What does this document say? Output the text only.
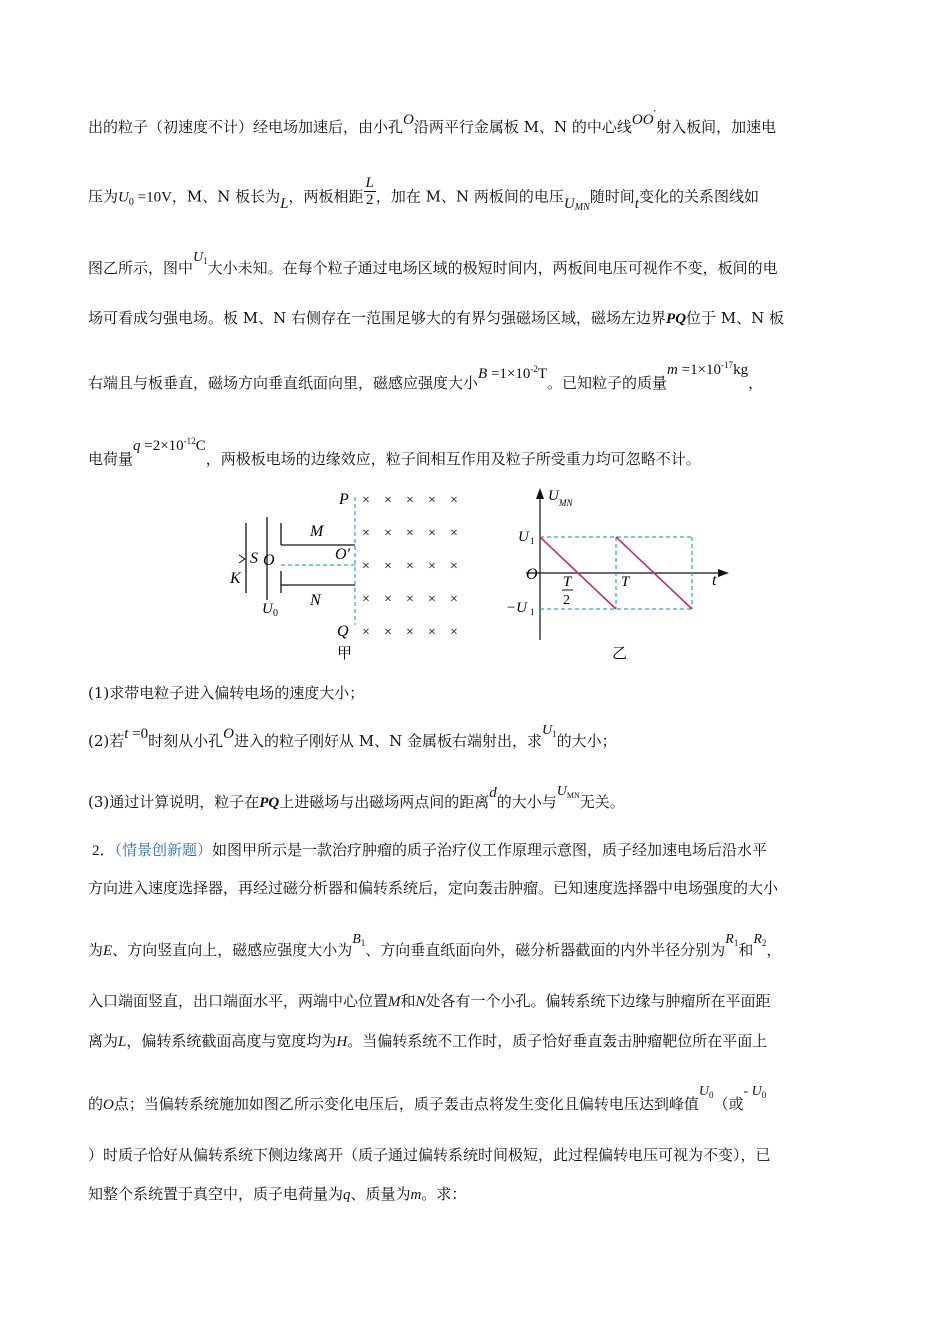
出的粒子（初速度不计）经电场加速后，由小孔O沿两平行金属板 M、N 的中心线OO′射入板间，加速电
压为$U_0 =10V$，M、N 板长为L，两板相距 $\frac{L}{2}$ ，加在 M、N 两板间的电压$U_{MN}$随时间t变化的关系图线如
图乙所示，图中$U^1$大小未知。在每个粒子通过电场区域的极短时间内，两板间电压可视作不变，板间的电
场可看成匀强电场。板 M、N 右侧存在一范围足够大的有界匀强磁场区域，磁场左边界PQ位于 M、N 板
右端且与板垂直，磁场方向垂直纸面向里，磁感应强度大小$B =1\times 10^{-2}T$。已知粒子的质量$m =1\times 10^{-17}kg$，
电荷量$q =2\times 10^{-12}C$，两极板电场的边缘效应，粒子间相互作用及粒子所受重力均可忽略不计。
K
S
U 0
O
M
N
O′
P
Q
× × × × ×
× × × × ×
× × × × ×
× × × × ×
× × × × ×
甲
U MN
t
O
U 1
−U 1
T
2
T
乙
(1)求带电粒子进入偏转电场的速度大小；
(2)若t =0时刻从小孔O进入的粒子刚好从 M、N 金属板右端射出，求$U^1$的大小；
(3)通过计算说明，粒子在PQ上进磁场与出磁场两点间的距离d的大小与$U^{MN}$无关。
2．（情景创新题）如图甲所示是一款治疗肿瘤的质子治疗仪工作原理示意图，质子经加速电场后沿水平
方向进入速度选择器，再经过磁分析器和偏转系统后，定向轰击肿瘤。已知速度选择器中电场强度的大小
为E、方向竖直向上，磁感应强度大小为$B^1$、方向垂直纸面向外，磁分析器截面的内外半径分别为$R^1$和$R^2$，
入口端面竖直，出口端面水平，两端中心位置M和N处各有一个小孔。偏转系统下边缘与肿瘤所在平面距
离为L，偏转系统截面高度与宽度均为H。当偏转系统不工作时，质子恰好垂直轰击肿瘤靶位所在平面上
的O点；当偏转系统施加如图乙所示变化电压后，质子轰击点将发生变化且偏转电压达到峰值$U^0$（或- $U^0$
）时质子恰好从偏转系统下侧边缘离开（质子通过偏转系统时间极短，此过程偏转电压可视为不变），已
知整个系统置于真空中，质子电荷量为q、质量为m。求：
